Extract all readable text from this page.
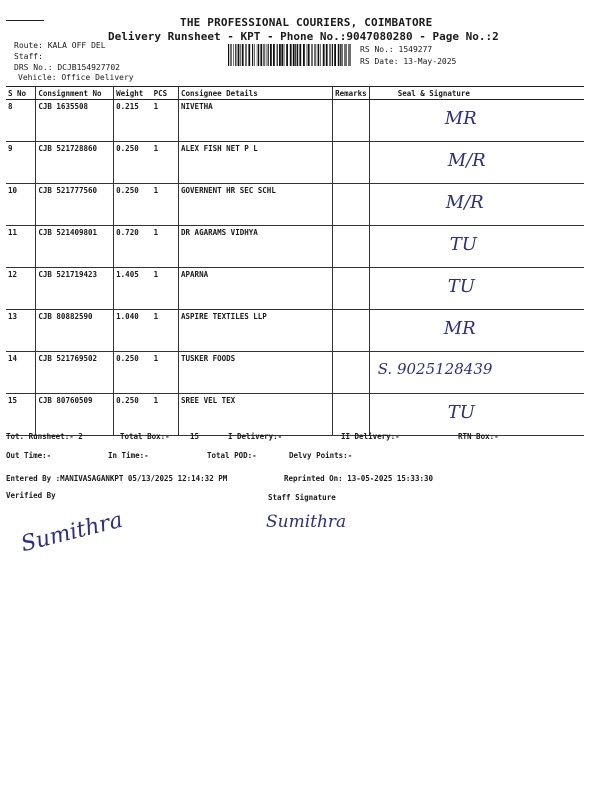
THE PROFESSIONAL COURIERS, COIMBATORE
Delivery Runsheet - KPT - Phone No.:9047080280 - Page No.:2
Route: KALA OFF DEL
Staff:
DRS No.: DCJB154927702
Vehicle: Office Delivery
RS No.: 1549277
RS Date: 13-May-2025
S No	Consignment No	Weight	PCS	Consignee Details	Remarks	Seal & Signature
8	CJB 1635508	0.215	1	NIVETHA		MR

9	CJB 521728860	0.250	1	ALEX FISH NET P L		M/R

10	CJB 521777560	0.250	1	GOVERNENT HR SEC SCHL		M/R

11	CJB 521409801	0.720	1	DR AGARAMS VIDHYA		TU

12	CJB 521719423	1.405	1	APARNA		TU

13	CJB 80882590	1.040	1	ASPIRE TEXTILES LLP		MR

14	CJB 521769502	0.250	1	TUSKER FOODS		S. 9025128439

15	CJB 80760509	0.250	1	SREE VEL TEX		TU
Tot. Runsheet:- 2	Total Box:-	15	I Delivery:-	II Delivery:-	RTN Box:-
Out Time:-	In Time:-	Total POD:-	Delvy Points:-
Entered By :MANIVASAGANKPT 05/13/2025 12:14:32 PM	Reprinted On: 13-05-2025 15:33:30
Verified By	Staff Signature
Sumithra	Sumithra
